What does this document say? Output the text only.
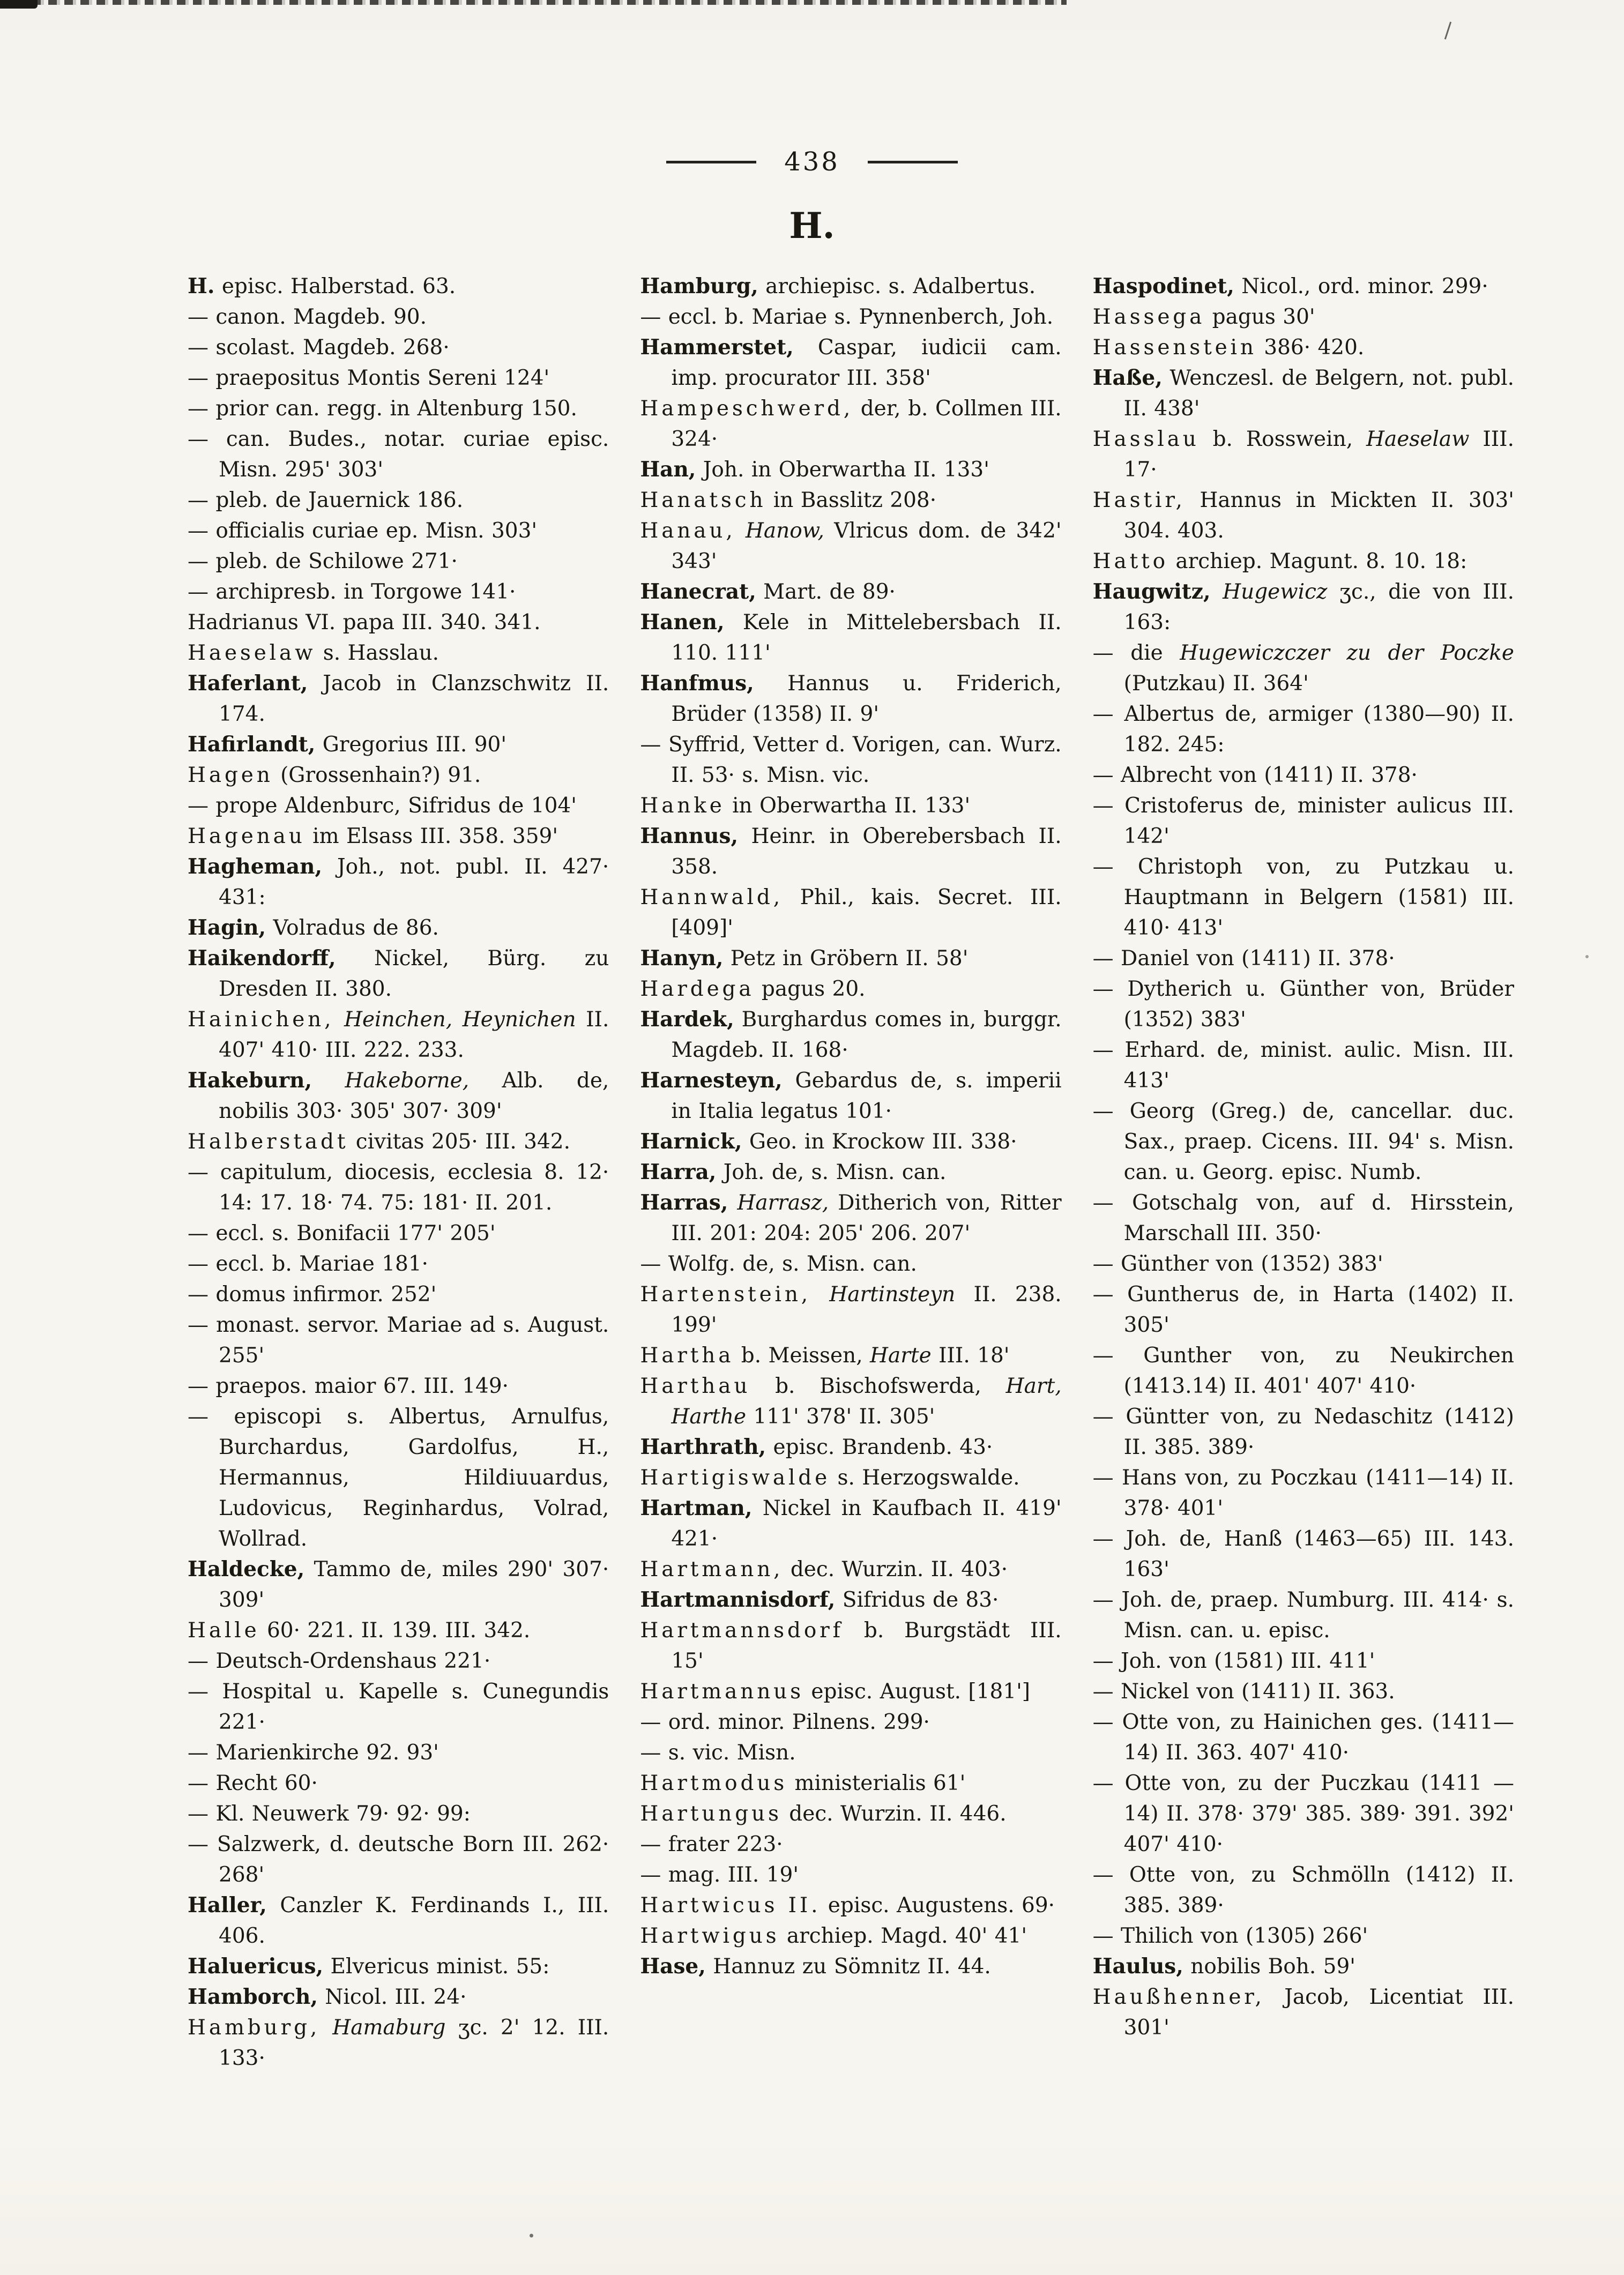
438
H.
H. episc. Halberstad. 63.
— canon. Magdeb. 90.
— scolast. Magdeb. 268·
— praepositus Montis Sereni 124'
— prior can. regg. in Altenburg 150.
— can. Budes., notar. curiae episc. Misn. 295' 303'
— pleb. de Jauernick 186.
— officialis curiae ep. Misn. 303'
— pleb. de Schilowe 271·
— archipresb. in Torgowe 141·
Hadrianus VI. papa III. 340. 341.
Haeselaw s. Hasslau.
Haferlant, Jacob in Clanzschwitz II. 174.
Hafirlandt, Gregorius III. 90'
Hagen (Grossenhain?) 91.
— prope Aldenburc, Sifridus de 104'
Hagenau im Elsass III. 358. 359'
Hagheman, Joh., not. publ. II. 427· 431:
Hagin, Volradus de 86.
Haikendorff, Nickel, Bürg. zu Dresden II. 380.
Hainichen, Heinchen, Heynichen II. 407' 410· III. 222. 233.
Hakeburn, Hakeborne, Alb. de, nobilis 303· 305' 307· 309'
Halberstadt civitas 205· III. 342.
— capitulum, diocesis, ecclesia 8. 12· 14: 17. 18· 74. 75: 181· II. 201.
— eccl. s. Bonifacii 177' 205'
— eccl. b. Mariae 181·
— domus infirmor. 252'
— monast. servor. Mariae ad s. August. 255'
— praepos. maior 67. III. 149·
— episcopi s. Albertus, Arnulfus, Burchardus, Gardolfus, H., Hermannus, Hildiuuardus, Ludovicus, Reginhardus, Volrad, Wollrad.
Haldecke, Tammo de, miles 290' 307· 309'
Halle 60· 221. II. 139. III. 342.
— Deutsch-Ordenshaus 221·
— Hospital u. Kapelle s. Cunegundis 221·
— Marienkirche 92. 93'
— Recht 60·
— Kl. Neuwerk 79· 92· 99:
— Salzwerk, d. deutsche Born III. 262· 268'
Haller, Canzler K. Ferdinands I., III. 406.
Haluericus, Elvericus minist. 55:
Hamborch, Nicol. III. 24·
Hamburg, Hamaburg ʒc. 2' 12. III. 133·
Hamburg, archiepisc. s. Adalbertus.
— eccl. b. Mariae s. Pynnenberch, Joh.
Hammerstet, Caspar, iudicii cam. imp. procurator III. 358'
Hampeschwerd, der, b. Collmen III. 324·
Han, Joh. in Oberwartha II. 133'
Hanatsch in Basslitz 208·
Hanau, Hanow, Vlricus dom. de 342' 343'
Hanecrat, Mart. de 89·
Hanen, Kele in Mittelebersbach II. 110. 111'
Hanfmus, Hannus u. Friderich, Brüder (1358) II. 9'
— Syffrid, Vetter d. Vorigen, can. Wurz. II. 53· s. Misn. vic.
Hanke in Oberwartha II. 133'
Hannus, Heinr. in Oberebersbach II. 358.
Hannwald, Phil., kais. Secret. III. [409]'
Hanyn, Petz in Gröbern II. 58'
Hardega pagus 20.
Hardek, Burghardus comes in, burggr. Magdeb. II. 168·
Harnesteyn, Gebardus de, s. imperii in Italia legatus 101·
Harnick, Geo. in Krockow III. 338·
Harra, Joh. de, s. Misn. can.
Harras, Harrasz, Ditherich von, Ritter III. 201: 204: 205' 206. 207'
— Wolfg. de, s. Misn. can.
Hartenstein, Hartinsteyn II. 238. 199'
Hartha b. Meissen, Harte III. 18'
Harthau b. Bischofswerda, Hart, Harthe 111' 378' II. 305'
Harthrath, episc. Brandenb. 43·
Hartigiswalde s. Herzogswalde.
Hartman, Nickel in Kaufbach II. 419' 421·
Hartmann, dec. Wurzin. II. 403·
Hartmannisdorf, Sifridus de 83·
Hartmannsdorf b. Burgstädt III. 15'
Hartmannus episc. August. [181']
— ord. minor. Pilnens. 299·
— s. vic. Misn.
Hartmodus ministerialis 61'
Hartungus dec. Wurzin. II. 446.
— frater 223·
— mag. III. 19'
Hartwicus II. episc. Augustens. 69·
Hartwigus archiep. Magd. 40' 41'
Hase, Hannuz zu Sömnitz II. 44.
Haspodinet, Nicol., ord. minor. 299·
Hassega pagus 30'
Hassenstein 386· 420.
Haße, Wenczesl. de Belgern, not. publ. II. 438'
Hasslau b. Rosswein, Haeselaw III. 17·
Hastir, Hannus in Mickten II. 303' 304. 403.
Hatto archiep. Magunt. 8. 10. 18:
Haugwitz, Hugewicz ʒc., die von III. 163:
— die Hugewiczczer zu der Poczke (Putzkau) II. 364'
— Albertus de, armiger (1380—90) II. 182. 245:
— Albrecht von (1411) II. 378·
— Cristoferus de, minister aulicus III. 142'
— Christoph von, zu Putzkau u. Hauptmann in Belgern (1581) III. 410· 413'
— Daniel von (1411) II. 378·
— Dytherich u. Günther von, Brüder (1352) 383'
— Erhard. de, minist. aulic. Misn. III. 413'
— Georg (Greg.) de, cancellar. duc. Sax., praep. Cicens. III. 94' s. Misn. can. u. Georg. episc. Numb.
— Gotschalg von, auf d. Hirsstein, Marschall III. 350·
— Günther von (1352) 383'
— Guntherus de, in Harta (1402) II. 305'
— Gunther von, zu Neukirchen (1413.14) II. 401' 407' 410·
— Güntter von, zu Nedaschitz (1412) II. 385. 389·
— Hans von, zu Poczkau (1411—14) II. 378· 401'
— Joh. de, Hanß (1463—65) III. 143. 163'
— Joh. de, praep. Numburg. III. 414· s. Misn. can. u. episc.
— Joh. von (1581) III. 411'
— Nickel von (1411) II. 363.
— Otte von, zu Hainichen ges. (1411—14) II. 363. 407' 410·
— Otte von, zu der Puczkau (1411 —14) II. 378· 379' 385. 389· 391. 392' 407' 410·
— Otte von, zu Schmölln (1412) II. 385. 389·
— Thilich von (1305) 266'
Haulus, nobilis Boh. 59'
Haußhenner, Jacob, Licentiat III. 301'
